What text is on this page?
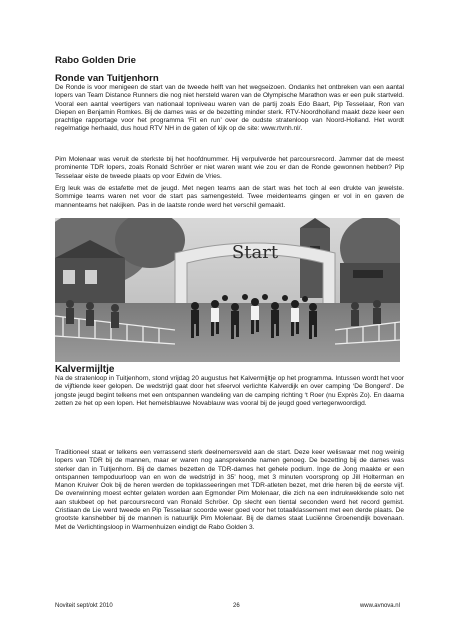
Rabo Golden Drie
Ronde van Tuitjenhorn

De Ronde is voor menigeen de start van de tweede helft van het wegseizoen. Ondanks het ontbreken van een aantal lopers van Team Distance Runners die nog niet hersteld waren van de Olympische Marathon was er een puik startveld. Vooral een aantal veertigers van nationaal topniveau waren van de partij zoals Edo Baart, Pip Tesselaar, Ron van Diepen en Benjamin Romkes. Bij de dames was er de bezetting minder sterk. RTV-Noordholland maakt deze keer een prachtige rapportage voor het programma ‘Fit en run’ over de oudste stratenloop van Noord-Holland. Het wordt regelmatige herhaald, dus houd RTV NH in de gaten of kijk op de site: www.rtvnh.nl/.

Pim Molenaar was veruit de sterkste bij het hoofdnummer. Hij verpulverde het parcoursrecord. Jammer dat de meest prominente TDR lopers, zoals Ronald Schröer er niet waren want wie zou er dan de Ronde gewonnen hebben? Pip Tesselaar eiste de tweede plaats op voor Edwin de Vries.

Erg leuk was de estafette met de jeugd. Met negen teams aan de start was het toch al een drukte van jewelste. Sommige teams waren net voor de start pas samengesteld. Twee meidenteams gingen er vol in en gaven de mannenteams het nakijken. Pas in de laatste ronde werd het verschil gemaakt.

Start
Kalvermijltje

Na de stratenloop in Tuitjenhorn, stond vrijdag 20 augustus het Kalvermijltje op het programma. Intussen wordt het voor de vijftiende keer gelopen. De wedstrijd gaat door het sfeervol verlichte Kalverdijk en over camping ‘De Bongerd’. De jongste jeugd begint telkens met een ontspannen wandeling van de camping richting ‘t Roer (nu Exprès Zo). En daarna zetten ze het op een lopen. Het hemelsblauwe Novablauw was vooral bij de jeugd goed vertegenwoordigd.

Traditioneel staat er telkens een verrassend sterk deelnemersveld aan de start. Deze keer weliswaar met nog weinig lopers van TDR bij de mannen, maar er waren nog aansprekende namen genoeg. De bezetting bij de dames was sterker dan in Tuitjenhorn. Bij de dames bezetten de TDR-dames het gehele podium. Inge de Jong maakte er een ontspannen tempoduurloop van en won de wedstrijd in 35’ hoog, met 3 minuten voorsprong op Jill Holterman en Manon Kruiver Ook bij de heren werden de topklasseeringen met TDR-atleten bezet, met drie heren bij de eerste vijf. De overwinning moest echter gelaten worden aan Egmonder Pim Molenaar, die zich na een indrukwekkende solo net aan stukbeet op het parcoursrecord van Ronald Schröer. Op slecht een tiental seconden werd het record gemist. Cristiaan de Lie werd tweede en Pip Tesselaar scoorde weer goed voor het totaalklassement met een derde plaats. De grootste kanshebber bij de mannen is natuurlijk Pim Molenaar. Bij de dames staat Luciënne Groenendijk bovenaan. Met de Verlichtingsloop in Warmenhuizen eindigt de Rabo Golden 3.

Noviteit sept/okt 2010	26	www.avnova.nl
